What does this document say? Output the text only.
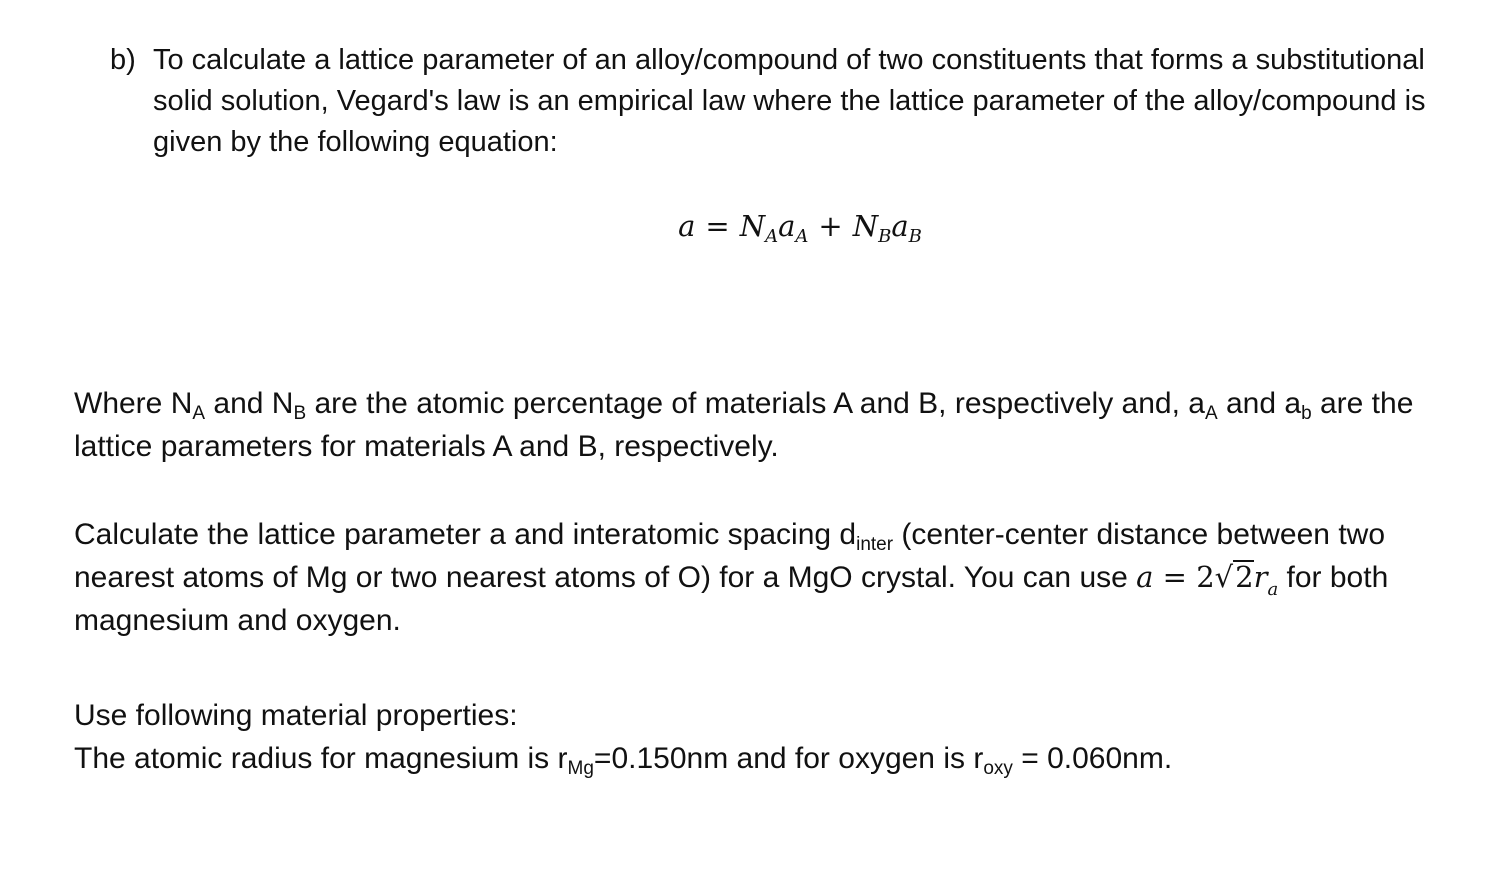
b) To calculate a lattice parameter of an alloy/compound of two constituents that forms a substitutional solid solution, Vegard's law is an empirical law where the lattice parameter of the alloy/compound is given by the following equation:
$a = N_Aa_A + N_Ba_B$
Where $N_A$ and $N_B$ are the atomic percentage of materials A and B, respectively and, $a_A$ and $a_b$ are the lattice parameters for materials A and B, respectively.
Calculate the lattice parameter a and interatomic spacing $d_{inter}$ (center-center distance between two nearest atoms of Mg or two nearest atoms of O) for a MgO crystal. You can use $a = 2√2r_a$ for both magnesium and oxygen.
Use following material properties:
The atomic radius for magnesium is $r_{Mg}=0.150nm$ and for oxygen is $r_{oxy} = 0.060nm$.
